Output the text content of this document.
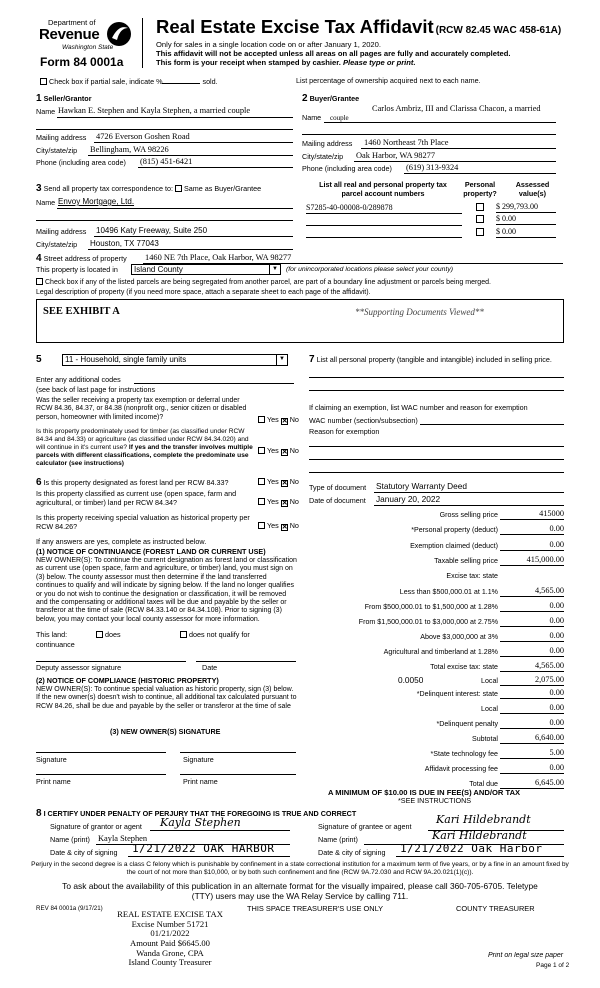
Department of
Revenue
Washington State
Form 84 0001a
Real Estate Excise Tax Affidavit (RCW 82.45 WAC 458-61A)
Only for sales in a single location code on or after January 1, 2020.
This affidavit will not be accepted unless all areas on all pages are fully and accurately completed.
This form is your receipt when stamped by cashier. Please type or print.
Check box if partial sale, indicate %	sold.	List percentage of ownership acquired next to each name.
1 Seller/Grantor
Name Hawkan E. Stephen and Kayla Stephen, a married couple
Mailing address 4726 Everson Goshen Road
City/state/zip Bellingham, WA 98226
Phone (including area code) (815) 451-6421
2 Buyer/Grantee
Name
Carlos Ambriz, III and Clarissa Chacon, a married
couple
Mailing address 1460 Northeast 7th Place
City/state/zip Oak Harbor, WA 98277
Phone (including area code) (619) 313-9324
3 Send all property tax correspondence to: Same as Buyer/Grantee
Name Envoy Mortgage, Ltd.
Mailing address 10496 Katy Freeway, Suite 250
City/state/zip Houston, TX 77043
List all real and personal property tax
parcel account numbers
Personal
property?
Assessed
value(s)
S7285-40-00008-0/289878	$ 299,793.00
$ 0.00
$ 0.00
4 Street address of property 1460 NE 7th Place, Oak Harbor, WA 98277
This property is located in	Island County	▼ (for unincorporated locations please select your county)
Check box if any of the listed parcels are being segregated from another parcel, are part of a boundary line adjustment or parcels being merged.
Legal description of property (if you need more space, attach a separate sheet to each page of the affidavit).
SEE EXHIBIT A	**Supporting Documents Viewed**
5	11 - Household, single family units	▼
Enter any additional codes
(see back of last page for instructions
Was the seller receiving a property tax exemption or deferral under RCW 84.36, 84.37, or 84.38 (nonprofit org., senior citizen or disabled person, homeowner with limited income)?	Yes ✕ No
Is this property predominately used for timber (as classified under RCW 84.34 and 84.33) or agriculture (as classified under RCW 84.34.020) and will continue in it's current use? If yes and the transfer involves multiple parcels with different classifications, complete the predominate use calculator (see instructions)
Yes ✕ No
7 List all personal property (tangible and intangible) included in selling price.
If claiming an exemption, list WAC number and reason for exemption
WAC number (section/subsection)
Reason for exemption
6 Is this property designated as forest land per RCW 84.33?	Yes ✕ No
Is this property classified as current use (open space, farm and agricultural, or timber) land per RCW 84.34?	Yes ✕ No
Is this property receiving special valuation as historical property per RCW 84.26?	Yes ✕ No
If any answers are yes, complete as instructed below.
(1) NOTICE OF CONTINUANCE (FOREST LAND OR CURRENT USE)
NEW OWNER(S): To continue the current designation as forest land or classification as current use (open space, farm and agriculture, or timber) land, you must sign on (3) below. The county assessor must then determine if the land transferred continues to qualify and will indicate by signing below. If the land no longer qualifies or you do not wish to continue the designation or classification, it will be removed and the compensating or additional taxes will be due and payable by the seller or transferor at the time of sale (RCW 84.33.140 or 84.34.108). Prior to signing (3) below, you may contact your local county assessor for more information.
This land:	does	does not qualify for
continuance
Deputy assessor signature	Date
(2) NOTICE OF COMPLIANCE (HISTORIC PROPERTY)
NEW OWNER(S): To continue special valuation as historic property, sign (3) below. If the new owner(s) doesn't wish to continue, all additional tax calculated pursuant to RCW 84.26, shall be due and payable by the seller or transferor at the time of sale
(3) NEW OWNER(S) SIGNATURE
Signature	Signature
Print name	Print name
Type of document Statutory Warranty Deed
Date of document January 20, 2022
Gross selling price	415000
*Personal property (deduct)	0.00
Exemption claimed (deduct)	0.00
Taxable selling price	415,000.00
Excise tax: state
Less than $500,000.01 at 1.1%	4,565.00
From $500,000.01 to $1,500,000 at 1.28%	0.00
From $1,500,000.01 to $3,000,000 at 2.75%	0.00
Above $3,000,000 at 3%	0.00
Agricultural and timberland at 1.28%	0.00
Total excise tax: state	4,565.00
0.0050	Local	2,075.00
*Delinquent interest: state	0.00
Local	0.00
*Delinquent penalty	0.00
Subtotal	6,640.00
*State technology fee	5.00
Affidavit processing fee	0.00
Total due	6,645.00
A MINIMUM OF $10.00 IS DUE IN FEE(S) AND/OR TAX
*SEE INSTRUCTIONS
8 I CERTIFY UNDER PENALTY OF PERJURY THAT THE FOREGOING IS TRUE AND CORRECT
Signature of grantor or agent Kayla Stephen
Name (print) Kayla Stephen
Date & city of signing 1/21/2022 OAK HARBOR
Signature of grantee or agent
Kari Hildebrandt
Name (print)	Kari Hildebrandt
Date & city of signing 1/21/2022 Oak Harbor
Perjury in the second degree is a class C felony which is punishable by confinement in a state correctional institution for a maximum term of five years, or by a fine in an amount fixed by the court of not more than $10,000, or by both such confinement and fine (RCW 9A.72.030 and RCW 9A.20.021(1)(c)).
To ask about the availability of this publication in an alternate format for the visually impaired, please call 360-705-6705. Teletype
(TTY) users may use the WA Relay Service by calling 711.
REV 84 0001a (9/17/21)	THIS SPACE TREASURER'S USE ONLY	COUNTY TREASURER
REAL ESTATE EXCISE TAX
Excise Number 51721
01/21/2022
Amount Paid $6645.00
Wanda Grone, CPA
Island County Treasurer
Print on legal size paper
Page 1 of 2
